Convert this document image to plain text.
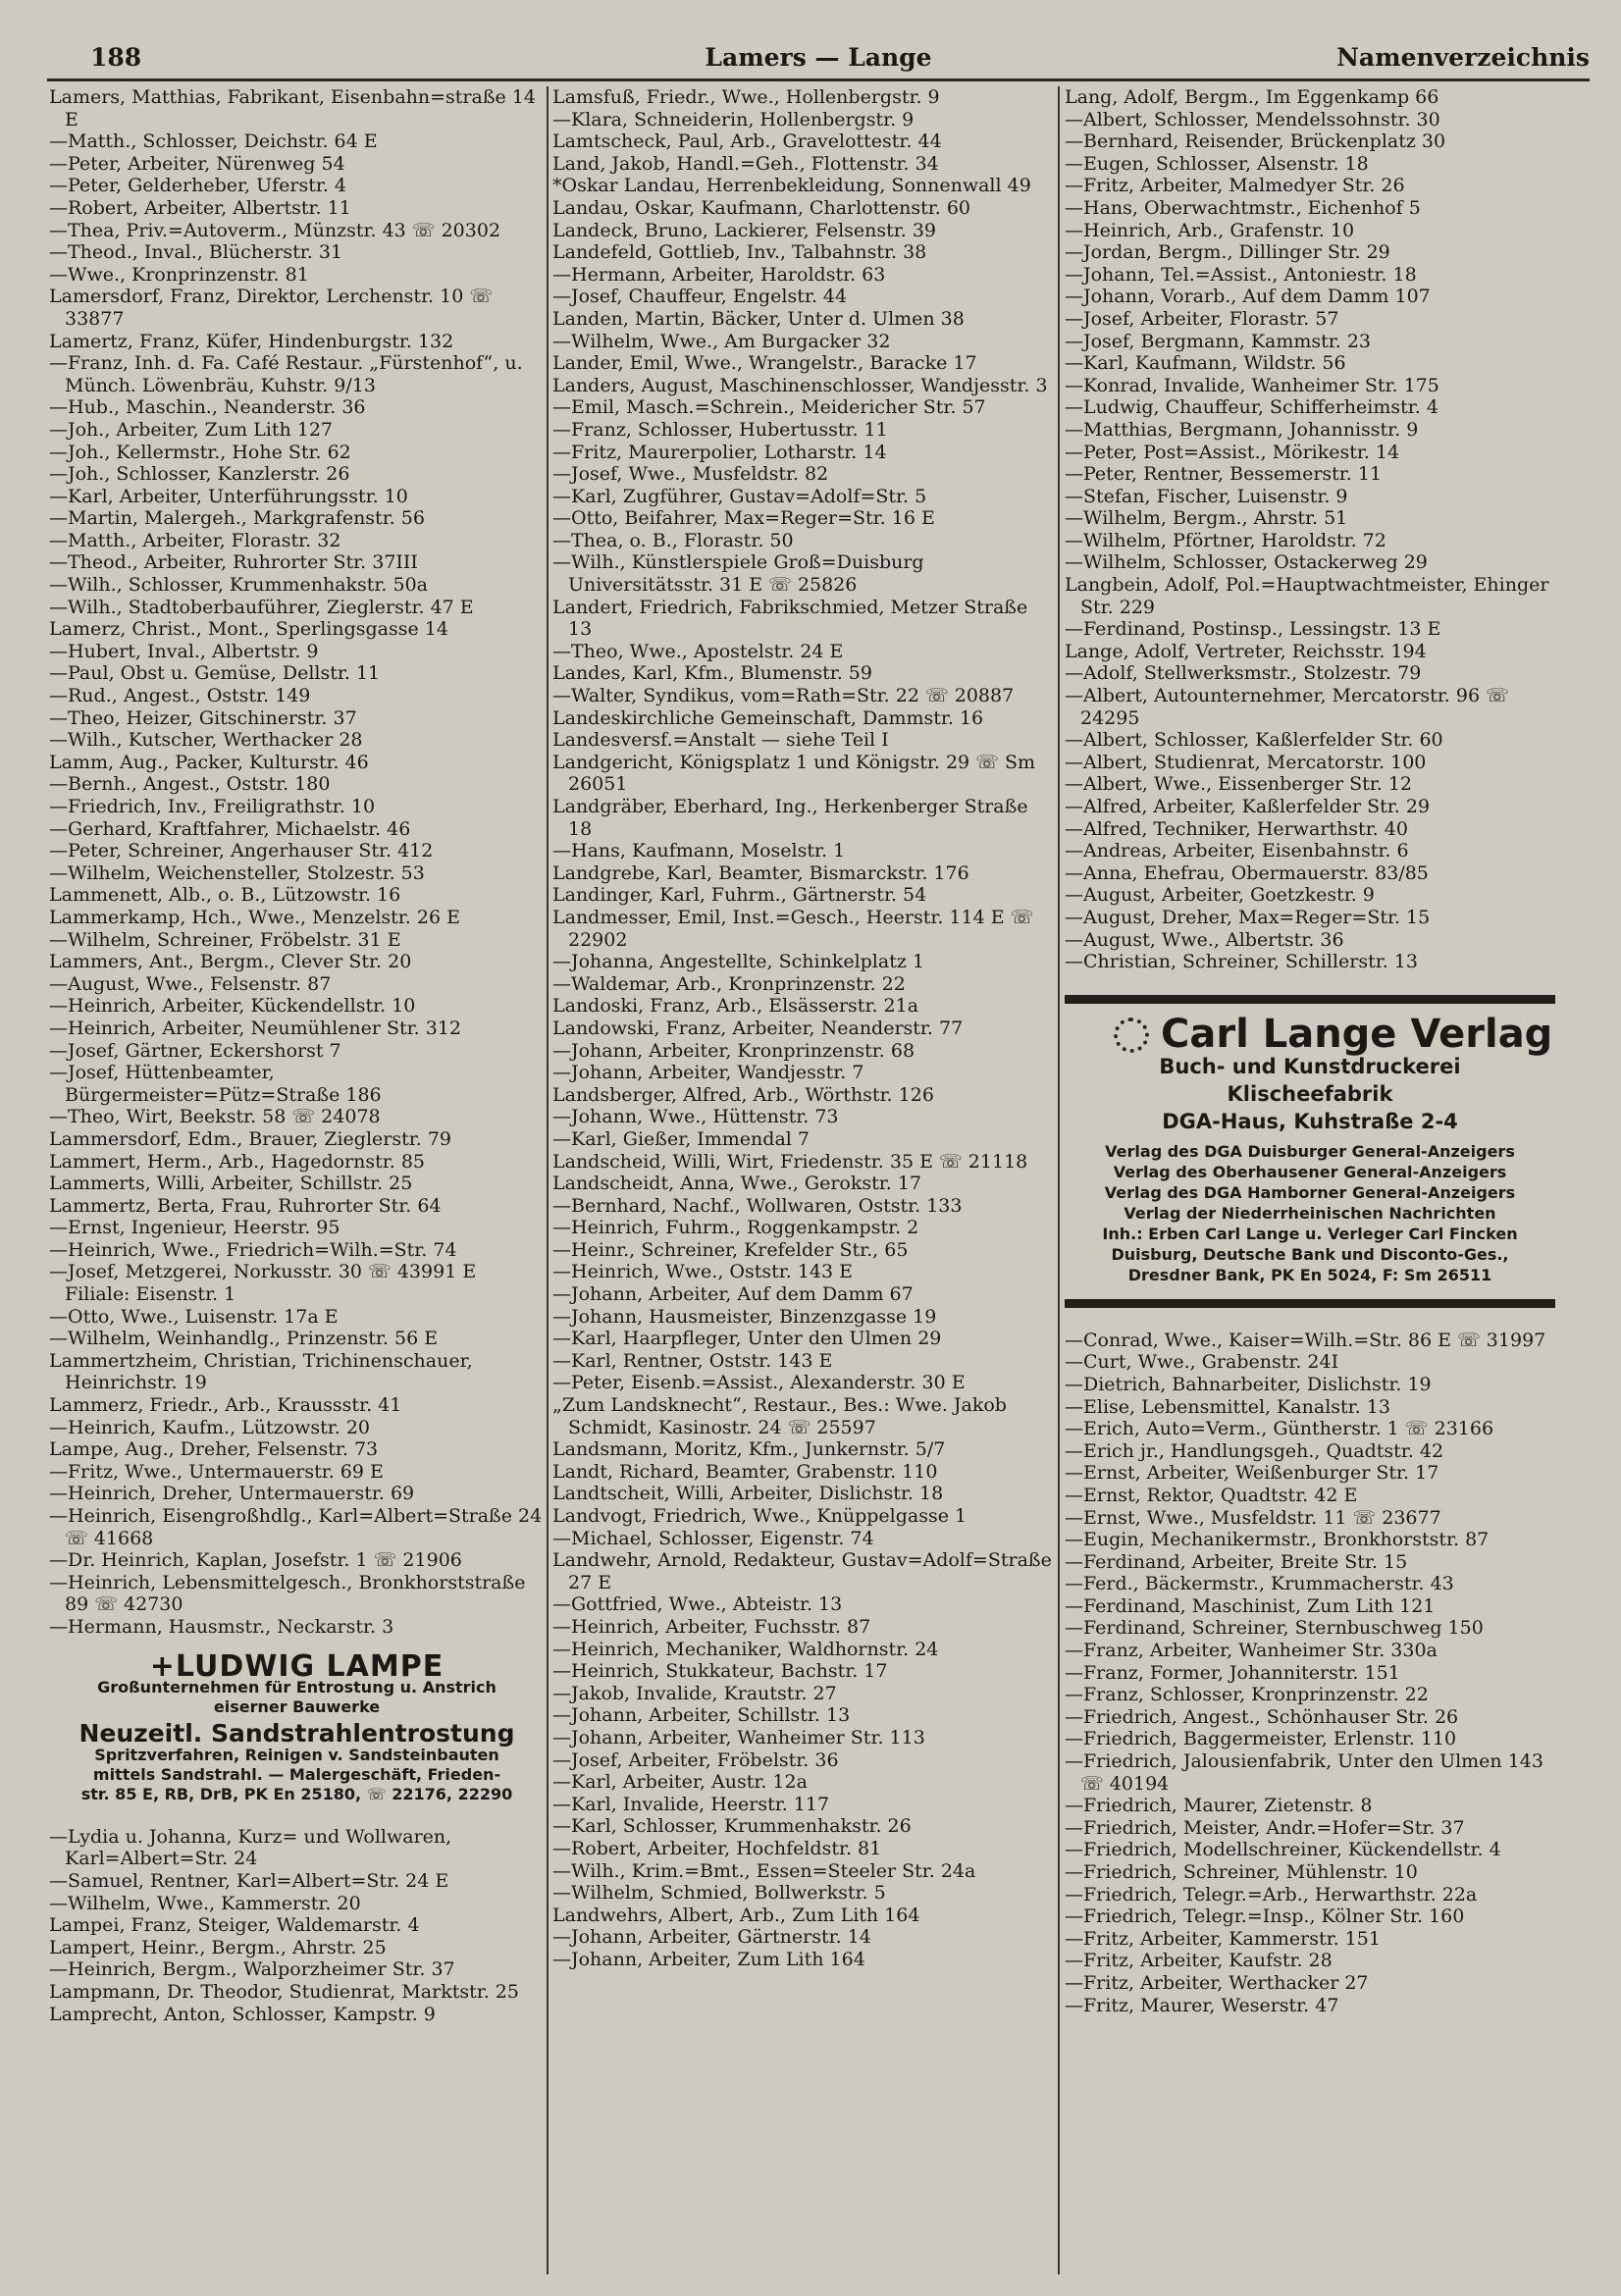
188	Lamers — Lange	Namenverzeichnis

Lamers, Matthias, Fabrikant, Eisenbahn=straße 14 E

—Matth., Schlosser, Deichstr. 64 E

—Peter, Arbeiter, Nürenweg 54

—Peter, Gelderheber, Uferstr. 4

—Robert, Arbeiter, Albertstr. 11

—Thea, Priv.=Autoverm., Münzstr. 43 ☏ 20302

—Theod., Inval., Blücherstr. 31

—Wwe., Kronprinzenstr. 81

Lamersdorf, Franz, Direktor, Lerchenstr. 10 ☏ 33877

Lamertz, Franz, Küfer, Hindenburgstr. 132

—Franz, Inh. d. Fa. Café Restaur. „Fürstenhof“, u. Münch. Löwenbräu, Kuhstr. 9/13

—Hub., Maschin., Neanderstr. 36

—Joh., Arbeiter, Zum Lith 127

—Joh., Kellermstr., Hohe Str. 62

—Joh., Schlosser, Kanzlerstr. 26

—Karl, Arbeiter, Unterführungsstr. 10

—Martin, Malergeh., Markgrafenstr. 56

—Matth., Arbeiter, Florastr. 32

—Theod., Arbeiter, Ruhrorter Str. 37III

—Wilh., Schlosser, Krummenhakstr. 50a

—Wilh., Stadtoberbauführer, Zieglerstr. 47 E

Lamerz, Christ., Mont., Sperlingsgasse 14

—Hubert, Inval., Albertstr. 9

—Paul, Obst u. Gemüse, Dellstr. 11

—Rud., Angest., Oststr. 149

—Theo, Heizer, Gitschinerstr. 37

—Wilh., Kutscher, Werthacker 28

Lamm, Aug., Packer, Kulturstr. 46

—Bernh., Angest., Oststr. 180

—Friedrich, Inv., Freiligrathstr. 10

—Gerhard, Kraftfahrer, Michaelstr. 46

—Peter, Schreiner, Angerhauser Str. 412

—Wilhelm, Weichensteller, Stolzestr. 53

Lammenett, Alb., o. B., Lützowstr. 16

Lammerkamp, Hch., Wwe., Menzelstr. 26 E

—Wilhelm, Schreiner, Fröbelstr. 31 E

Lammers, Ant., Bergm., Clever Str. 20

—August, Wwe., Felsenstr. 87

—Heinrich, Arbeiter, Kückendellstr. 10

—Heinrich, Arbeiter, Neumühlener Str. 312

—Josef, Gärtner, Eckershorst 7

—Josef, Hüttenbeamter, Bürgermeister=Pütz=Straße 186

—Theo, Wirt, Beekstr. 58 ☏ 24078

Lammersdorf, Edm., Brauer, Zieglerstr. 79

Lammert, Herm., Arb., Hagedornstr. 85

Lammerts, Willi, Arbeiter, Schillstr. 25

Lammertz, Berta, Frau, Ruhrorter Str. 64

—Ernst, Ingenieur, Heerstr. 95

—Heinrich, Wwe., Friedrich=Wilh.=Str. 74

—Josef, Metzgerei, Norkusstr. 30 ☏ 43991 E Filiale: Eisenstr. 1

—Otto, Wwe., Luisenstr. 17a E

—Wilhelm, Weinhandlg., Prinzenstr. 56 E

Lammertzheim, Christian, Trichinenschauer, Heinrichstr. 19

Lammerz, Friedr., Arb., Kraussstr. 41

—Heinrich, Kaufm., Lützowstr. 20

Lampe, Aug., Dreher, Felsenstr. 73

—Fritz, Wwe., Untermauerstr. 69 E

—Heinrich, Dreher, Untermauerstr. 69

—Heinrich, Eisengroßhdlg., Karl=Albert=Straße 24 ☏ 41668

—Dr. Heinrich, Kaplan, Josefstr. 1 ☏ 21906

—Heinrich, Lebensmittelgesch., Bronkhorststraße 89 ☏ 42730

—Hermann, Hausmstr., Neckarstr. 3

+LUDWIG LAMPE
Großunternehmen für Entrostung u. Anstrich
eiserner Bauwerke
Neuzeitl. Sandstrahlentrostung
Spritzverfahren, Reinigen v. Sandsteinbauten
mittels Sandstrahl. — Malergeschäft, Frieden-
str. 85 E, RB, DrB, PK En 25180, ☏ 22176, 22290

—Lydia u. Johanna, Kurz= und Wollwaren, Karl=Albert=Str. 24

—Samuel, Rentner, Karl=Albert=Str. 24 E

—Wilhelm, Wwe., Kammerstr. 20

Lampei, Franz, Steiger, Waldemarstr. 4

Lampert, Heinr., Bergm., Ahrstr. 25

—Heinrich, Bergm., Walporzheimer Str. 37

Lampmann, Dr. Theodor, Studienrat, Marktstr. 25

Lamprecht, Anton, Schlosser, Kampstr. 9

Lamsfuß, Friedr., Wwe., Hollenbergstr. 9

—Klara, Schneiderin, Hollenbergstr. 9

Lamtscheck, Paul, Arb., Gravelottestr. 44

Land, Jakob, Handl.=Geh., Flottenstr. 34

*Oskar Landau, Herrenbekleidung, Sonnenwall 49

Landau, Oskar, Kaufmann, Charlottenstr. 60

Landeck, Bruno, Lackierer, Felsenstr. 39

Landefeld, Gottlieb, Inv., Talbahnstr. 38

—Hermann, Arbeiter, Haroldstr. 63

—Josef, Chauffeur, Engelstr. 44

Landen, Martin, Bäcker, Unter d. Ulmen 38

—Wilhelm, Wwe., Am Burgacker 32

Lander, Emil, Wwe., Wrangelstr., Baracke 17

Landers, August, Maschinenschlosser, Wandjesstr. 3

—Emil, Masch.=Schrein., Meidericher Str. 57

—Franz, Schlosser, Hubertusstr. 11

—Fritz, Maurerpolier, Lotharstr. 14

—Josef, Wwe., Musfeldstr. 82

—Karl, Zugführer, Gustav=Adolf=Str. 5

—Otto, Beifahrer, Max=Reger=Str. 16 E

—Thea, o. B., Florastr. 50

—Wilh., Künstlerspiele Groß=Duisburg Universitätsstr. 31 E ☏ 25826

Landert, Friedrich, Fabrikschmied, Metzer Straße 13

—Theo, Wwe., Apostelstr. 24 E

Landes, Karl, Kfm., Blumenstr. 59

—Walter, Syndikus, vom=Rath=Str. 22 ☏ 20887

Landeskirchliche Gemeinschaft, Dammstr. 16

Landesversf.=Anstalt — siehe Teil I

Landgericht, Königsplatz 1 und Königstr. 29 ☏ Sm 26051

Landgräber, Eberhard, Ing., Herkenberger Straße 18

—Hans, Kaufmann, Moselstr. 1

Landgrebe, Karl, Beamter, Bismarckstr. 176

Landinger, Karl, Fuhrm., Gärtnerstr. 54

Landmesser, Emil, Inst.=Gesch., Heerstr. 114 E ☏ 22902

—Johanna, Angestellte, Schinkelplatz 1

—Waldemar, Arb., Kronprinzenstr. 22

Landoski, Franz, Arb., Elsässerstr. 21a

Landowski, Franz, Arbeiter, Neanderstr. 77

—Johann, Arbeiter, Kronprinzenstr. 68

—Johann, Arbeiter, Wandjesstr. 7

Landsberger, Alfred, Arb., Wörthstr. 126

—Johann, Wwe., Hüttenstr. 73

—Karl, Gießer, Immendal 7

Landscheid, Willi, Wirt, Friedenstr. 35 E ☏ 21118

Landscheidt, Anna, Wwe., Gerokstr. 17

—Bernhard, Nachf., Wollwaren, Oststr. 133

—Heinrich, Fuhrm., Roggenkampstr. 2

—Heinr., Schreiner, Krefelder Str., 65

—Heinrich, Wwe., Oststr. 143 E

—Johann, Arbeiter, Auf dem Damm 67

—Johann, Hausmeister, Binzenzgasse 19

—Karl, Haarpfleger, Unter den Ulmen 29

—Karl, Rentner, Oststr. 143 E

—Peter, Eisenb.=Assist., Alexanderstr. 30 E

„Zum Landsknecht“, Restaur., Bes.: Wwe. Jakob Schmidt, Kasinostr. 24 ☏ 25597

Landsmann, Moritz, Kfm., Junkernstr. 5/7

Landt, Richard, Beamter, Grabenstr. 110

Landtscheit, Willi, Arbeiter, Dislichstr. 18

Landvogt, Friedrich, Wwe., Knüppelgasse 1

—Michael, Schlosser, Eigenstr. 74

Landwehr, Arnold, Redakteur, Gustav=Adolf=Straße 27 E

—Gottfried, Wwe., Abteistr. 13

—Heinrich, Arbeiter, Fuchsstr. 87

—Heinrich, Mechaniker, Waldhornstr. 24

—Heinrich, Stukkateur, Bachstr. 17

—Jakob, Invalide, Krautstr. 27

—Johann, Arbeiter, Schillstr. 13

—Johann, Arbeiter, Wanheimer Str. 113

—Josef, Arbeiter, Fröbelstr. 36

—Karl, Arbeiter, Austr. 12a

—Karl, Invalide, Heerstr. 117

—Karl, Schlosser, Krummenhakstr. 26

—Robert, Arbeiter, Hochfeldstr. 81

—Wilh., Krim.=Bmt., Essen=Steeler Str. 24a

—Wilhelm, Schmied, Bollwerkstr. 5

Landwehrs, Albert, Arb., Zum Lith 164

—Johann, Arbeiter, Gärtnerstr. 14

—Johann, Arbeiter, Zum Lith 164

Lang, Adolf, Bergm., Im Eggenkamp 66

—Albert, Schlosser, Mendelssohnstr. 30

—Bernhard, Reisender, Brückenplatz 30

—Eugen, Schlosser, Alsenstr. 18

—Fritz, Arbeiter, Malmedyer Str. 26

—Hans, Oberwachtmstr., Eichenhof 5

—Heinrich, Arb., Grafenstr. 10

—Jordan, Bergm., Dillinger Str. 29

—Johann, Tel.=Assist., Antoniestr. 18

—Johann, Vorarb., Auf dem Damm 107

—Josef, Arbeiter, Florastr. 57

—Josef, Bergmann, Kammstr. 23

—Karl, Kaufmann, Wildstr. 56

—Konrad, Invalide, Wanheimer Str. 175

—Ludwig, Chauffeur, Schifferheimstr. 4

—Matthias, Bergmann, Johannisstr. 9

—Peter, Post=Assist., Mörikestr. 14

—Peter, Rentner, Bessemerstr. 11

—Stefan, Fischer, Luisenstr. 9

—Wilhelm, Bergm., Ahrstr. 51

—Wilhelm, Pförtner, Haroldstr. 72

—Wilhelm, Schlosser, Ostackerweg 29

Langbein, Adolf, Pol.=Hauptwachtmeister, Ehinger Str. 229

—Ferdinand, Postinsp., Lessingstr. 13 E

Lange, Adolf, Vertreter, Reichsstr. 194

—Adolf, Stellwerksmstr., Stolzestr. 79

—Albert, Autounternehmer, Mercatorstr. 96 ☏ 24295

—Albert, Schlosser, Kaßlerfelder Str. 60

—Albert, Studienrat, Mercatorstr. 100

—Albert, Wwe., Eissenberger Str. 12

—Alfred, Arbeiter, Kaßlerfelder Str. 29

—Alfred, Techniker, Herwarthstr. 40

—Andreas, Arbeiter, Eisenbahnstr. 6

—Anna, Ehefrau, Obermauerstr. 83/85

—August, Arbeiter, Goetzkestr. 9

—August, Dreher, Max=Reger=Str. 15

—August, Wwe., Albertstr. 36

—Christian, Schreiner, Schillerstr. 13

Carl Lange Verlag
Buch- und Kunstdruckerei
Klischeefabrik
DGA-Haus, Kuhstraße 2-4
Verlag des DGA Duisburger General-Anzeigers
Verlag des Oberhausener General-Anzeigers
Verlag des DGA Hamborner General-Anzeigers
Verlag der Niederrheinischen Nachrichten
Inh.: Erben Carl Lange u. Verleger Carl Fincken
Duisburg, Deutsche Bank und Disconto-Ges.,
Dresdner Bank, PK En 5024, F: Sm 26511

—Conrad, Wwe., Kaiser=Wilh.=Str. 86 E ☏ 31997

—Curt, Wwe., Grabenstr. 24I

—Dietrich, Bahnarbeiter, Dislichstr. 19

—Elise, Lebensmittel, Kanalstr. 13

—Erich, Auto=Verm., Güntherstr. 1 ☏ 23166

—Erich jr., Handlungsgeh., Quadtstr. 42

—Ernst, Arbeiter, Weißenburger Str. 17

—Ernst, Rektor, Quadtstr. 42 E

—Ernst, Wwe., Musfeldstr. 11 ☏ 23677

—Eugin, Mechanikermstr., Bronkhorststr. 87

—Ferdinand, Arbeiter, Breite Str. 15

—Ferd., Bäckermstr., Krummacherstr. 43

—Ferdinand, Maschinist, Zum Lith 121

—Ferdinand, Schreiner, Sternbuschweg 150

—Franz, Arbeiter, Wanheimer Str. 330a

—Franz, Former, Johanniterstr. 151

—Franz, Schlosser, Kronprinzenstr. 22

—Friedrich, Angest., Schönhauser Str. 26

—Friedrich, Baggermeister, Erlenstr. 110

—Friedrich, Jalousienfabrik, Unter den Ulmen 143 ☏ 40194

—Friedrich, Maurer, Zietenstr. 8

—Friedrich, Meister, Andr.=Hofer=Str. 37

—Friedrich, Modellschreiner, Kückendellstr. 4

—Friedrich, Schreiner, Mühlenstr. 10

—Friedrich, Telegr.=Arb., Herwarthstr. 22a

—Friedrich, Telegr.=Insp., Kölner Str. 160

—Fritz, Arbeiter, Kammerstr. 151

—Fritz, Arbeiter, Kaufstr. 28

—Fritz, Arbeiter, Werthacker 27

—Fritz, Maurer, Weserstr. 47
